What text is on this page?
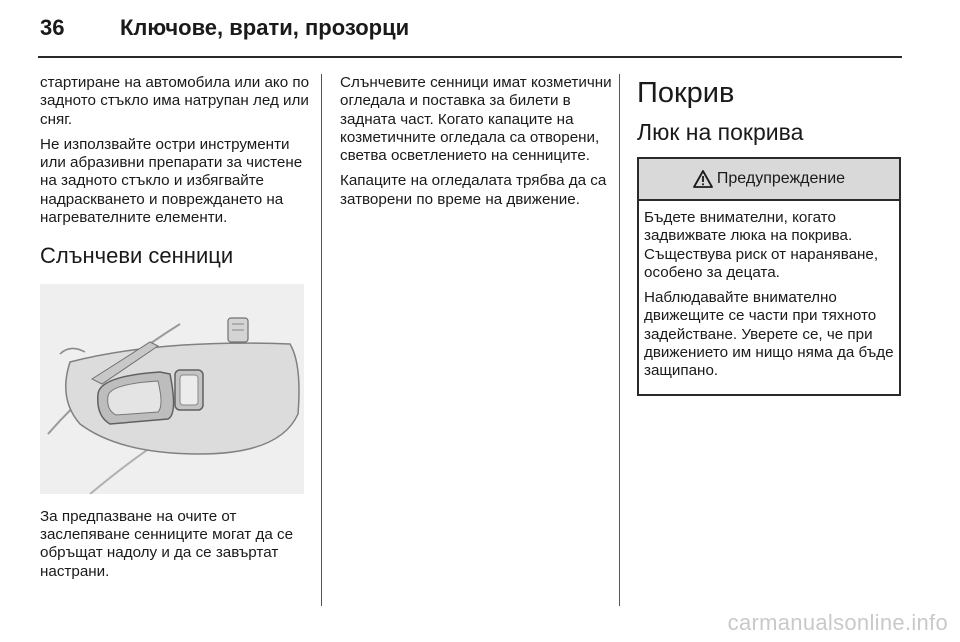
36	Ключове, врати, прозорци

стартиране на автомобила или ако по задното стъкло има натрупан лед или сняг.

Не използвайте остри инструменти или абразивни препарати за чистене на задното стъкло и избягвайте надраскването и повреждането на нагревателните елементи.

Слънчеви сенници

За предпазване на очите от заслепяване сенниците могат да се обръщат надолу и да се завъртат настрани.

Слънчевите сенници имат козметични огледала и поставка за билети в задната част. Когато капаците на козметичните огледала са отворени, светва осветлението на сенниците.

Капаците на огледалата трябва да са затворени по време на движение.

Покрив
Люк на покрива
Предупреждение

Бъдете внимателни, когато задвижвате люка на покрива. Съществува риск от нараняване, особено за децата.

Наблюдавайте внимателно движещите се части при тяхното задействане. Уверете се, че при движението им нищо няма да бъде защипано.

carmanualsonline.info
